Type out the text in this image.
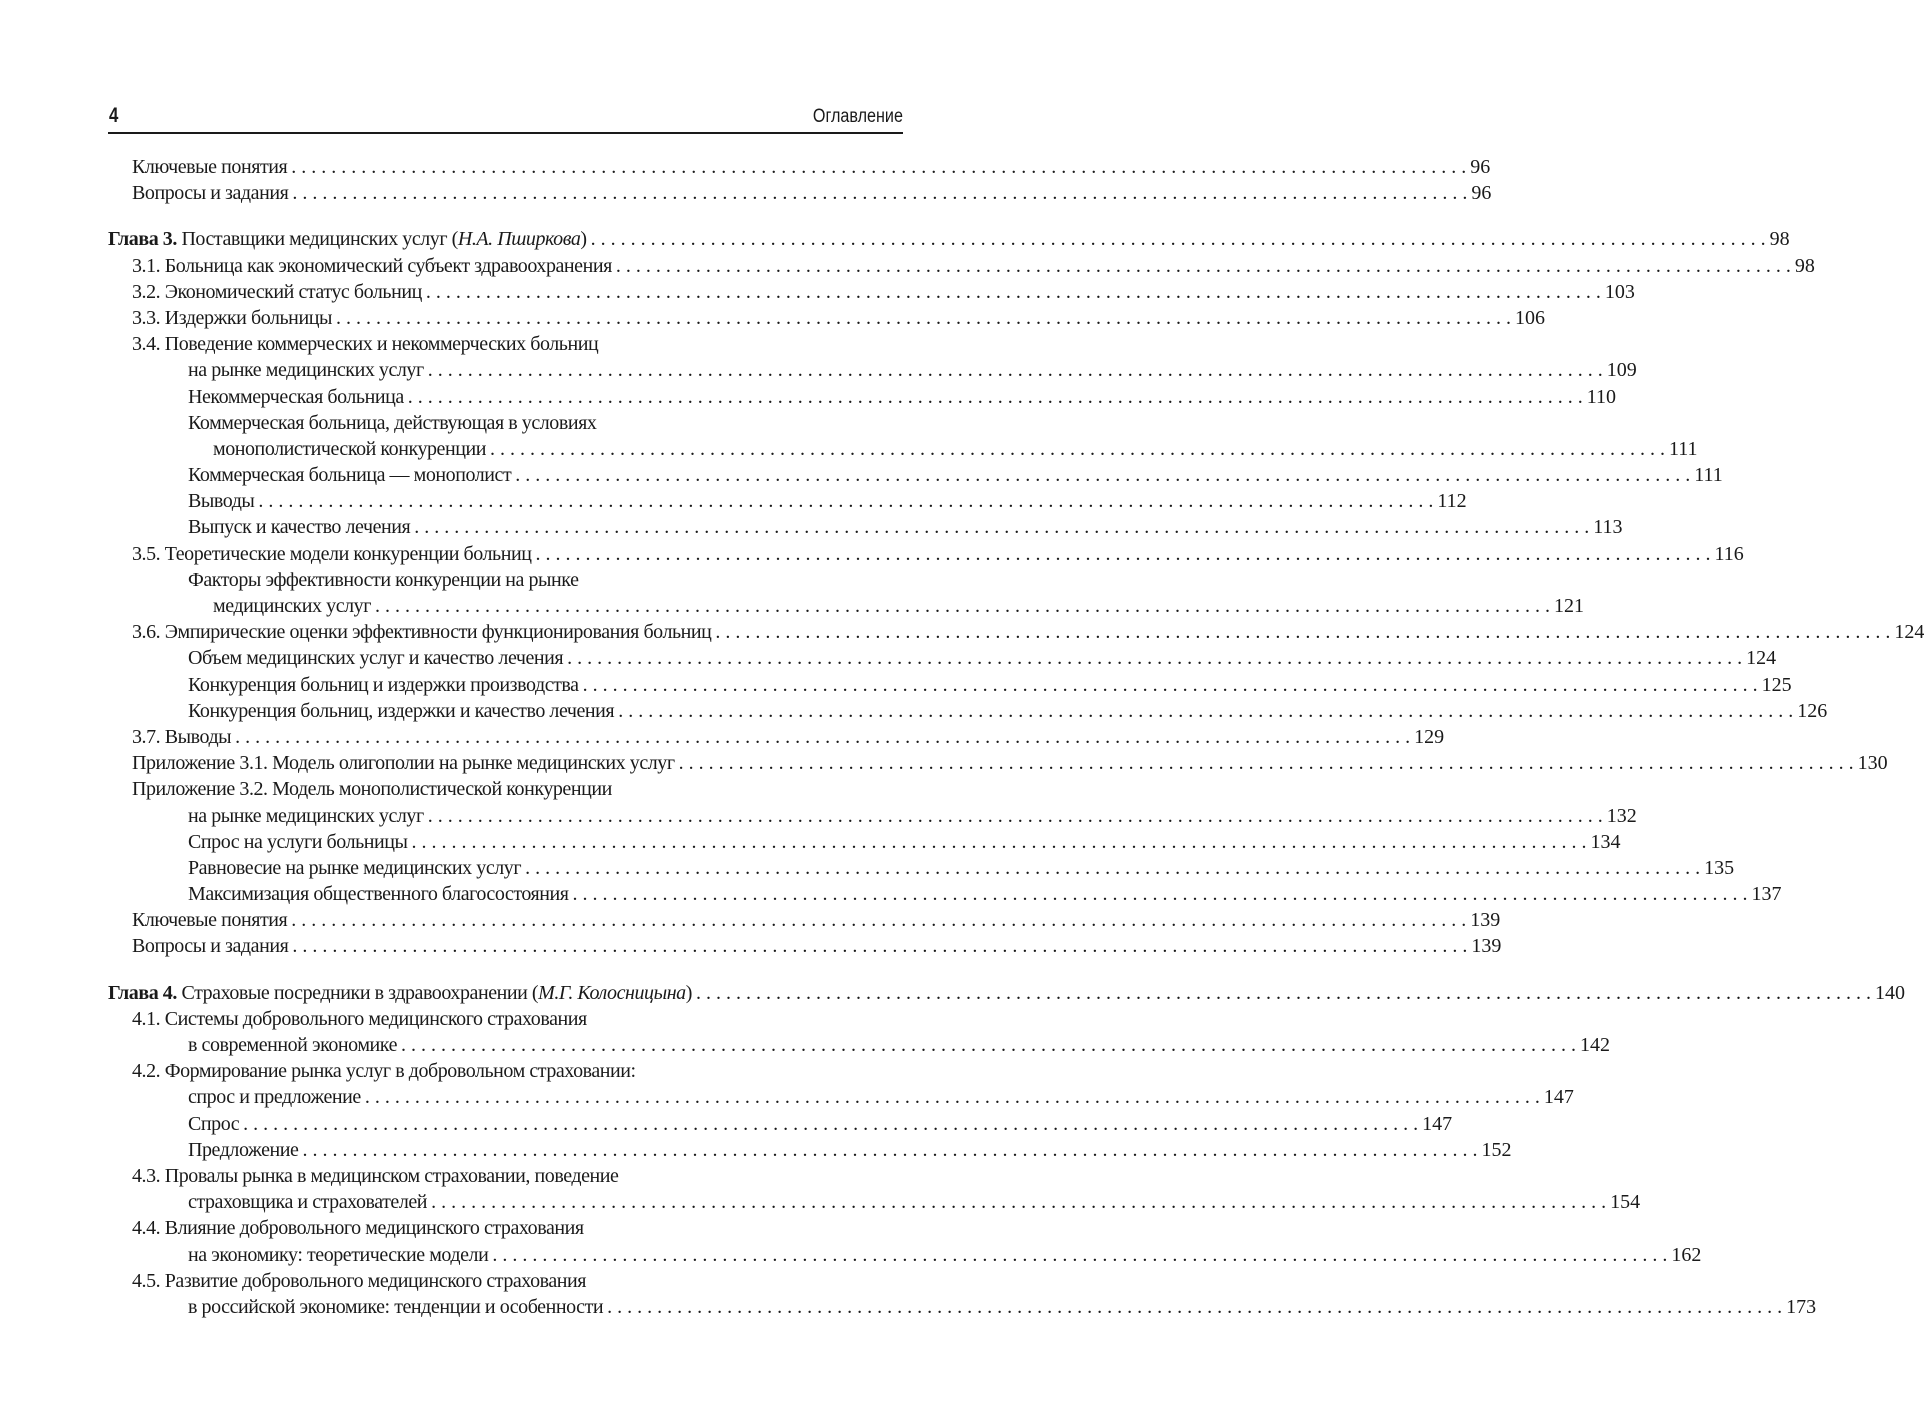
4	Оглавление
Ключевые понятия . . .	96
Вопросы и задания . . .	96
Глава 3. Поставщики медицинских услуг (Н.А. Пширкова) . . .	98
3.1. Больница как экономический субъект здравоохранения . . .	98
3.2. Экономический статус больниц . . .	103
3.3. Издержки больницы . . .	106
3.4. Поведение коммерческих и некоммерческих больниц
на рынке медицинских услуг . . .	109
Некоммерческая больница . . .	110
Коммерческая больница, действующая в условиях
монополистической конкуренции . . .	111
Коммерческая больница — монополист . . .	111
Выводы . . .	112
Выпуск и качество лечения . . .	113
3.5. Теоретические модели конкуренции больниц . . .	116
Факторы эффективности конкуренции на рынке
медицинских услуг . . .	121
3.6. Эмпирические оценки эффективности функционирования больниц . . .	124
Объем медицинских услуг и качество лечения . . .	124
Конкуренция больниц и издержки производства . . .	125
Конкуренция больниц, издержки и качество лечения . . .	126
3.7. Выводы . . .	129
Приложение 3.1. Модель олигополии на рынке медицинских услуг . . .	130
Приложение 3.2. Модель монополистической конкуренции
на рынке медицинских услуг . . .	132
Спрос на услуги больницы . . .	134
Равновесие на рынке медицинских услуг . . .	135
Максимизация общественного благосостояния . . .	137
Ключевые понятия . . .	139
Вопросы и задания . . .	139
Глава 4. Страховые посредники в здравоохранении (М.Г. Колосницына) . . .	140
4.1. Системы добровольного медицинского страхования
в современной экономике . . .	142
4.2. Формирование рынка услуг в добровольном страховании:
спрос и предложение . . .	147
Спрос . . .	147
Предложение . . .	152
4.3. Провалы рынка в медицинском страховании, поведение
страховщика и страхователей . . .	154
4.4. Влияние добровольного медицинского страхования
на экономику: теоретические модели . . .	162
4.5. Развитие добровольного медицинского страхования
в российской экономике: тенденции и особенности . . .	173
